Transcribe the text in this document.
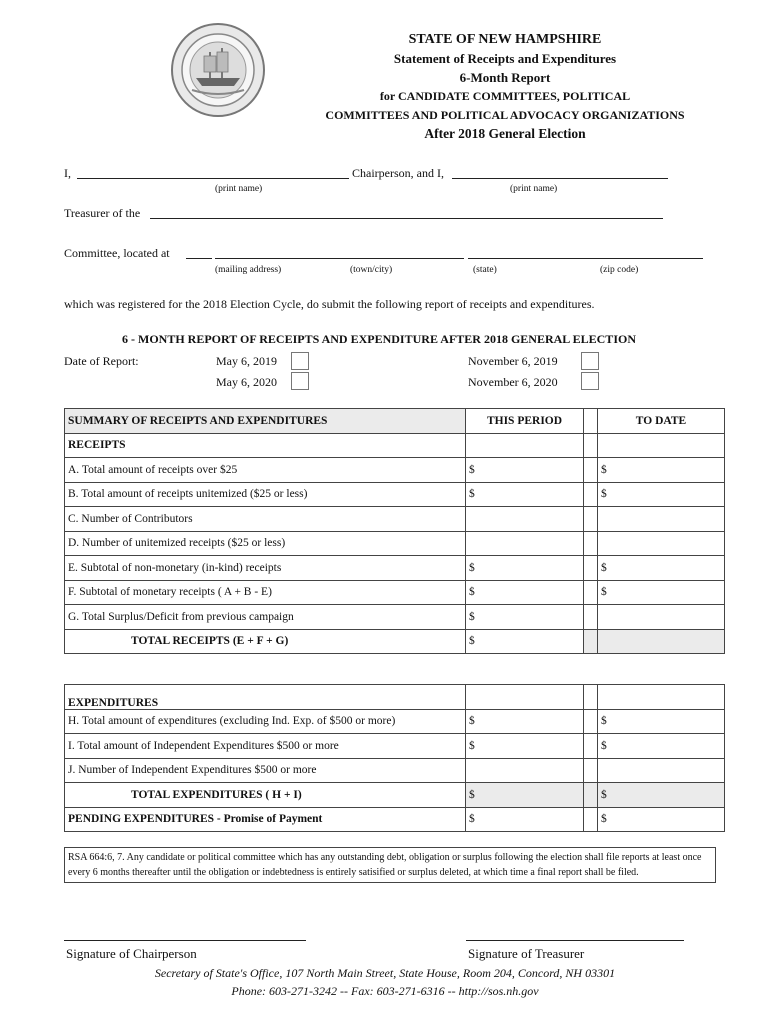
STATE OF NEW HAMPSHIRE
Statement of Receipts and Expenditures
6-Month Report
for CANDIDATE COMMITTEES, POLITICAL
COMMITTEES AND POLITICAL ADVOCACY ORGANIZATIONS
After 2018 General Election
I,	Chairperson, and I,
(print name)	(print name)
Treasurer of the
Committee, located at
(mailing address)	(town/city)	(state)	(zip code)
which was registered for the 2018 Election Cycle, do submit the following report of receipts and expenditures.
6 - MONTH REPORT OF RECEIPTS AND EXPENDITURE AFTER 2018 GENERAL ELECTION
Date of Report:	May 6, 2019	November 6, 2019
May 6, 2020	November 6, 2020
SUMMARY OF RECEIPTS AND EXPENDITURES	THIS PERIOD		TO DATE
RECEIPTS			
A. Total amount of receipts over $25	$		$
B. Total amount of receipts unitemized ($25 or less)	$		$
C. Number of Contributors			
D. Number of unitemized receipts ($25 or less)			
E. Subtotal of non-monetary (in-kind) receipts	$		$
F. Subtotal of monetary receipts ( A + B - E)	$		$
G. Total Surplus/Deficit from previous campaign	$		
TOTAL RECEIPTS (E + F + G)	$		
EXPENDITURES			
H. Total amount of expenditures (excluding Ind. Exp. of $500 or more)	$		$
I. Total amount of Independent Expenditures $500 or more	$		$
J. Number of Independent Expenditures $500 or more			
TOTAL EXPENDITURES ( H + I)	$		$
PENDING EXPENDITURES - Promise of Payment	$		$
RSA 664:6, 7. Any candidate or political committee which has any outstanding debt, obligation or surplus following the election shall file reports at least once every 6 months thereafter until the obligation or indebtedness is entirely satisified or surplus deleted, at which time a final report shall be filed.
Signature of Chairperson	Signature of Treasurer
Secretary of State's Office, 107 North Main Street, State House, Room 204, Concord, NH 03301
Phone: 603-271-3242 -- Fax: 603-271-6316 -- http://sos.nh.gov
